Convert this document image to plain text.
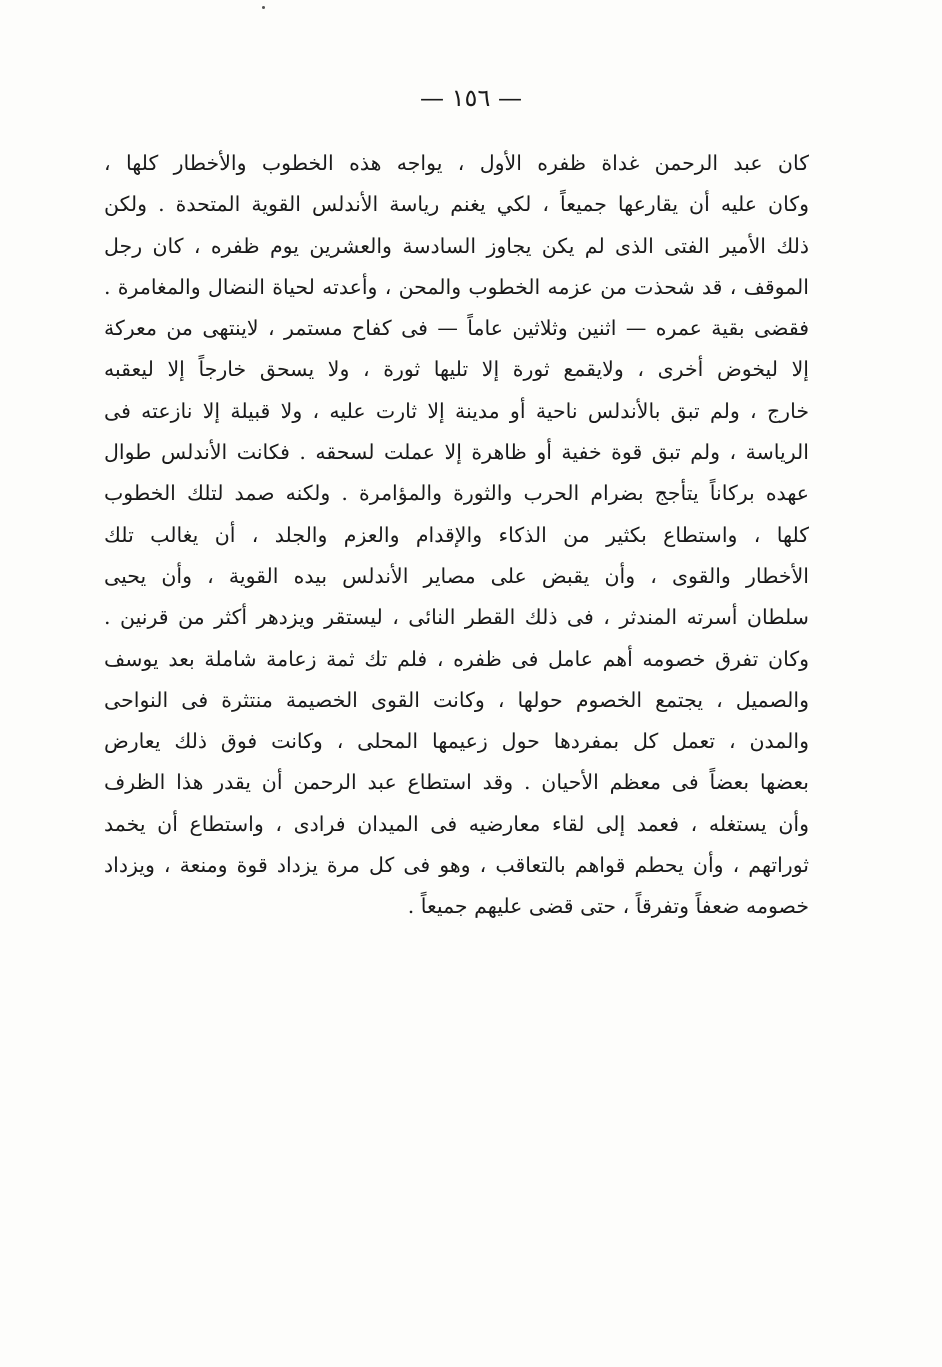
— ١٥٦ —
كان عبد الرحمن غداة ظفره الأول ، يواجه هذه الخطوب والأخطار كلها ،
وكان عليه أن يقارعها جميعاً ، لكي يغنم رياسة الأندلس القوية المتحدة . ولكن
ذلك الأمير الفتى الذى لم يكن يجاوز السادسة والعشرين يوم ظفره ، كان رجل
الموقف ، قد شحذت من عزمه الخطوب والمحن ، وأعدته لحياة النضال والمغامرة .
فقضى بقية عمره — اثنين وثلاثين عاماً — فى كفاح مستمر ، لاينتهى من معركة
إلا ليخوض أخرى ، ولايقمع ثورة إلا تليها ثورة ، ولا يسحق خارجاً إلا ليعقبه
خارج ، ولم تبق بالأندلس ناحية أو مدينة إلا ثارت عليه ، ولا قبيلة إلا نازعته فى
الرياسة ، ولم تبق قوة خفية أو ظاهرة إلا عملت لسحقه . فكانت الأندلس طوال
عهده بركاناً يتأجج بضرام الحرب والثورة والمؤامرة . ولكنه صمد لتلك الخطوب
كلها ، واستطاع بكثير من الذكاء والإقدام والعزم والجلد ، أن يغالب تلك
الأخطار والقوى ، وأن يقبض على مصاير الأندلس بيده القوية ، وأن يحيى
سلطان أسرته المندثر ، فى ذلك القطر النائى ، ليستقر ويزدهر أكثر من قرنين .
وكان تفرق خصومه أهم عامل فى ظفره ، فلم تك ثمة زعامة شاملة بعد يوسف
والصميل ، يجتمع الخصوم حولها ، وكانت القوى الخصيمة منتثرة فى النواحى
والمدن ، تعمل كل بمفردها حول زعيمها المحلى ، وكانت فوق ذلك يعارض
بعضها بعضاً فى معظم الأحيان . وقد استطاع عبد الرحمن أن يقدر هذا الظرف
وأن يستغله ، فعمد إلى لقاء معارضيه فى الميدان فرادى ، واستطاع أن يخمد
ثوراتهم ، وأن يحطم قواهم بالتعاقب ، وهو فى كل مرة يزداد قوة ومنعة ، ويزداد
خصومه ضعفاً وتفرقاً ، حتى قضى عليهم جميعاً .
